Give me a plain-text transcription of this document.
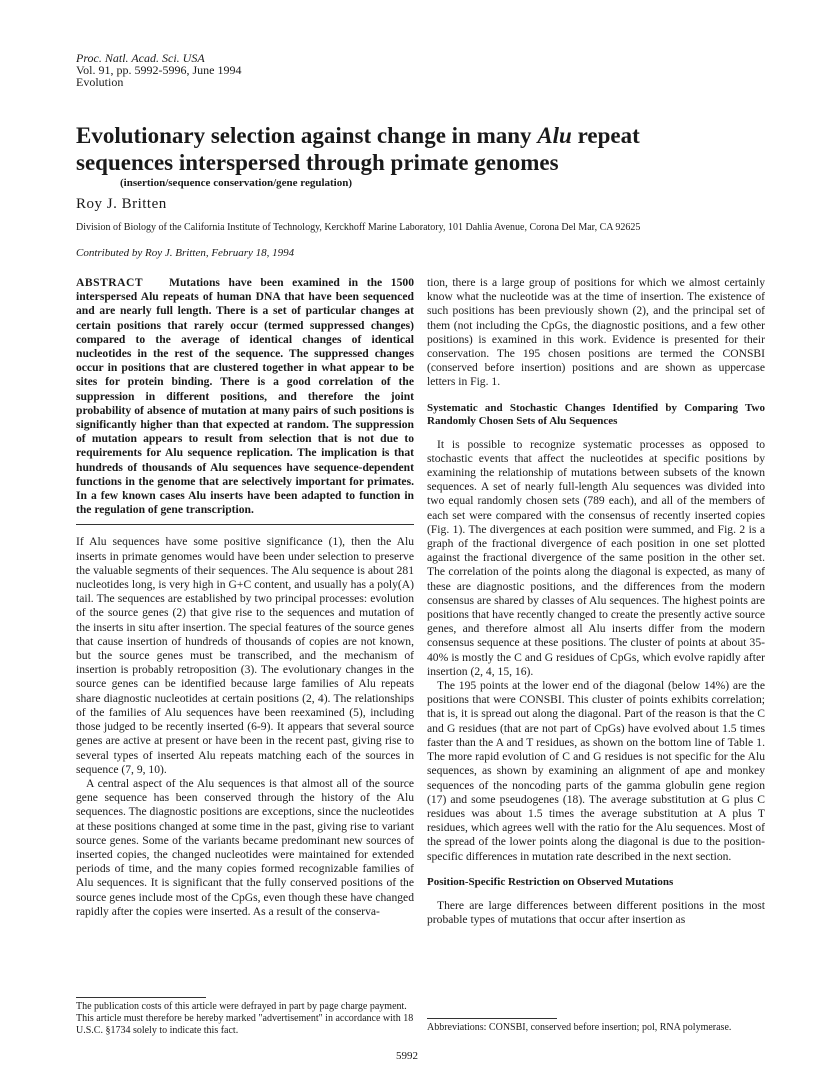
Proc. Natl. Acad. Sci. USA
Vol. 91, pp. 5992-5996, June 1994
Evolution
Evolutionary selection against change in many Alu repeat
sequences interspersed through primate genomes
(insertion/sequence conservation/gene regulation)
Roy J. Britten
Division of Biology of the California Institute of Technology, Kerckhoff Marine Laboratory, 101 Dahlia Avenue, Corona Del Mar, CA 92625
Contributed by Roy J. Britten, February 18, 1994

ABSTRACT Mutations have been examined in the 1500 interspersed Alu repeats of human DNA that have been sequenced and are nearly full length. There is a set of particular changes at certain positions that rarely occur (termed suppressed changes) compared to the average of identical changes of identical nucleotides in the rest of the sequence. The suppressed changes occur in positions that are clustered together in what appear to be sites for protein binding. There is a good correlation of the suppression in different positions, and therefore the joint probability of absence of mutation at many pairs of such positions is significantly higher than that expected at random. The suppression of mutation appears to result from selection that is not due to requirements for Alu sequence replication. The implication is that hundreds of thousands of Alu sequences have sequence-dependent functions in the genome that are selectively important for primates. In a few known cases Alu inserts have been adapted to function in the regulation of gene transcription.

If Alu sequences have some positive significance (1), then the Alu inserts in primate genomes would have been under selection to preserve the valuable segments of their sequences. The Alu sequence is about 281 nucleotides long, is very high in G+C content, and usually has a poly(A) tail. The sequences are established by two principal processes: evolution of the source genes (2) that give rise to the sequences and mutation of the inserts in situ after insertion. The special features of the source genes that cause insertion of hundreds of thousands of copies are not known, but the source genes must be transcribed, and the mechanism of insertion is probably retroposition (3). The evolutionary changes in the source genes can be identified because large families of Alu repeats share diagnostic nucleotides at certain positions (2, 4). The relationships of the families of Alu sequences have been reexamined (5), including those judged to be recently inserted (6-9). It appears that several source genes are active at present or have been in the recent past, giving rise to several types of inserted Alu repeats matching each of the sources in sequence (7, 9, 10).

A central aspect of the Alu sequences is that almost all of the source gene sequence has been conserved through the history of the Alu sequences. The diagnostic positions are exceptions, since the nucleotides at these positions changed at some time in the past, giving rise to variant source genes. Some of the variants became predominant new sources of inserted copies, the changed nucleotides were maintained for extended periods of time, and the many copies formed recognizable families of Alu sequences. It is significant that the fully conserved positions of the source genes include most of the CpGs, even though these have changed rapidly after the copies were inserted. As a result of the conserva-

tion, there is a large group of positions for which we almost certainly know what the nucleotide was at the time of insertion. The existence of such positions has been previously shown (2), and the principal set of them (not including the CpGs, the diagnostic positions, and a few other positions) is examined in this work. Evidence is presented for their conservation. The 195 chosen positions are termed the CONSBI (conserved before insertion) positions and are shown as uppercase letters in Fig. 1.

Systematic and Stochastic Changes Identified by Comparing Two Randomly Chosen Sets of Alu Sequences

It is possible to recognize systematic processes as opposed to stochastic events that affect the nucleotides at specific positions by examining the relationship of mutations between subsets of the known sequences. A set of nearly full-length Alu sequences was divided into two equal randomly chosen sets (789 each), and all of the members of each set were compared with the consensus of recently inserted copies (Fig. 1). The divergences at each position were summed, and Fig. 2 is a graph of the fractional divergence of each position in one set plotted against the fractional divergence of the same position in the other set. The correlation of the points along the diagonal is expected, as many of these are diagnostic positions, and the differences from the modern consensus are shared by classes of Alu sequences. The highest points are positions that have recently changed to create the presently active source genes, and therefore almost all Alu inserts differ from the modern consensus sequence at these positions. The cluster of points at about 35-40% is mostly the C and G residues of CpGs, which evolve rapidly after insertion (2, 4, 15, 16).

The 195 points at the lower end of the diagonal (below 14%) are the positions that were CONSBI. This cluster of points exhibits correlation; that is, it is spread out along the diagonal. Part of the reason is that the C and G residues (that are not part of CpGs) have evolved about 1.5 times faster than the A and T residues, as shown on the bottom line of Table 1. The more rapid evolution of C and G residues is not specific for the Alu sequences, as shown by examining an alignment of ape and monkey sequences of the noncoding parts of the gamma globulin gene region (17) and some pseudogenes (18). The average substitution at G plus C residues was about 1.5 times the average substitution at A plus T residues, which agrees well with the ratio for the Alu sequences. Most of the spread of the lower points along the diagonal is due to the position-specific differences in mutation rate described in the next section.

Position-Specific Restriction on Observed Mutations

There are large differences between different positions in the most probable types of mutations that occur after insertion as

The publication costs of this article were defrayed in part by page charge payment. This article must therefore be hereby marked "advertisement" in accordance with 18 U.S.C. §1734 solely to indicate this fact.	Abbreviations: CONSBI, conserved before insertion; pol, RNA polymerase.
5992
